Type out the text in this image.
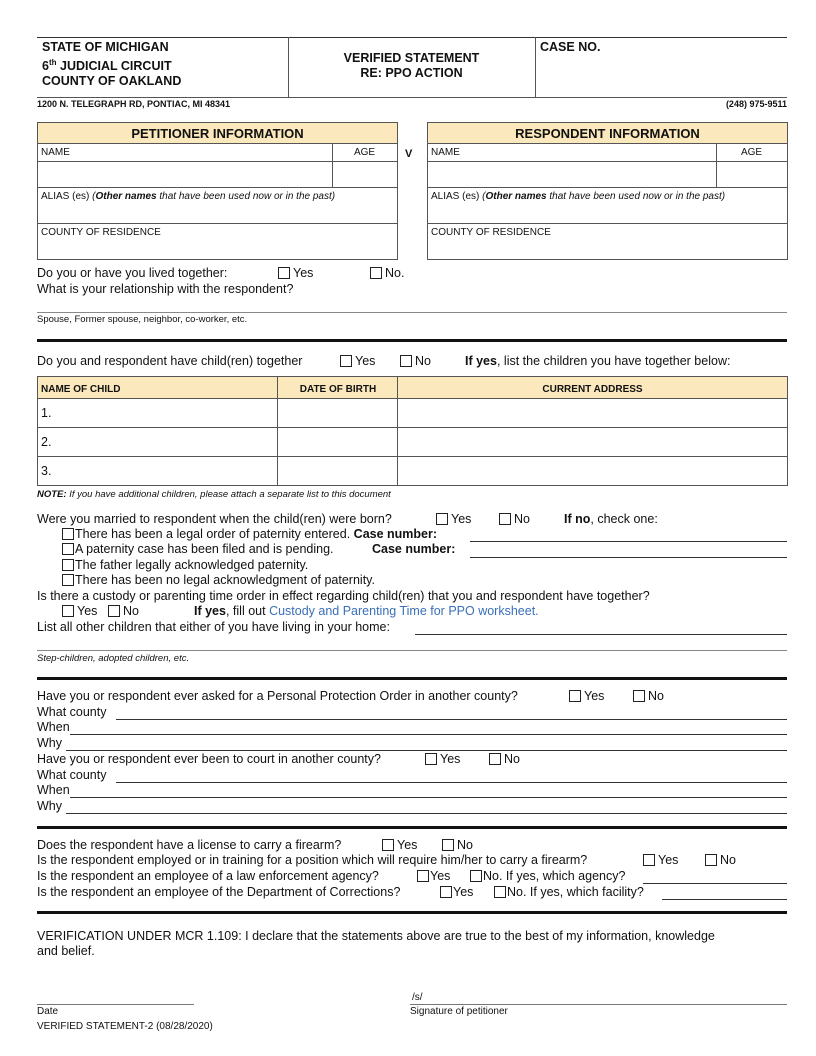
STATE OF MICHIGAN
6th JUDICIAL CIRCUIT
COUNTY OF OAKLAND
VERIFIED STATEMENT
RE: PPO ACTION
CASE NO.
1200 N. TELEGRAPH RD, PONTIAC, MI 48341	(248) 975-9511
PETITIONER INFORMATION
NAME	AGE
ALIAS (es) (Other names that have been used now or in the past)
COUNTY OF RESIDENCE
V
RESPONDENT INFORMATION
NAME	AGE
ALIAS (es) (Other names that have been used now or in the past)
COUNTY OF RESIDENCE
Do you or have you lived together:	Yes	No.
What is your relationship with the respondent?
Spouse, Former spouse, neighbor, co-worker, etc.
Do you and respondent have child(ren) together	Yes	No	If yes, list the children you have together below:
NAME OF CHILD	DATE OF BIRTH	CURRENT ADDRESS
1.
2.
3.
NOTE: If you have additional children, please attach a separate list to this document
Were you married to respondent when the child(ren) were born?	Yes	No	If no, check one:
There has been a legal order of paternity entered. Case number:
A paternity case has been filed and is pending.	Case number:
The father legally acknowledged paternity.
There has been no legal acknowledgment of paternity.
Is there a custody or parenting time order in effect regarding child(ren) that you and respondent have together?
Yes	No	If yes, fill out Custody and Parenting Time for PPO worksheet.
List all other children that either of you have living in your home:
Step-children, adopted children, etc.
Have you or respondent ever asked for a Personal Protection Order in another county?	Yes	No
What county
When
Why
Have you or respondent ever been to court in another county?	Yes	No
What county
When
Why
Does the respondent have a license to carry a firearm?	Yes	No
Is the respondent employed or in training for a position which will require him/her to carry a firearm?	Yes	No
Is the respondent an employee of a law enforcement agency?	Yes	No. If yes, which agency?
Is the respondent an employee of the Department of Corrections?	Yes	No. If yes, which facility?
VERIFICATION UNDER MCR 1.109: I declare that the statements above are true to the best of my information, knowledge
and belief.
Date
/s/
Signature of petitioner
VERIFIED STATEMENT-2 (08/28/2020)
